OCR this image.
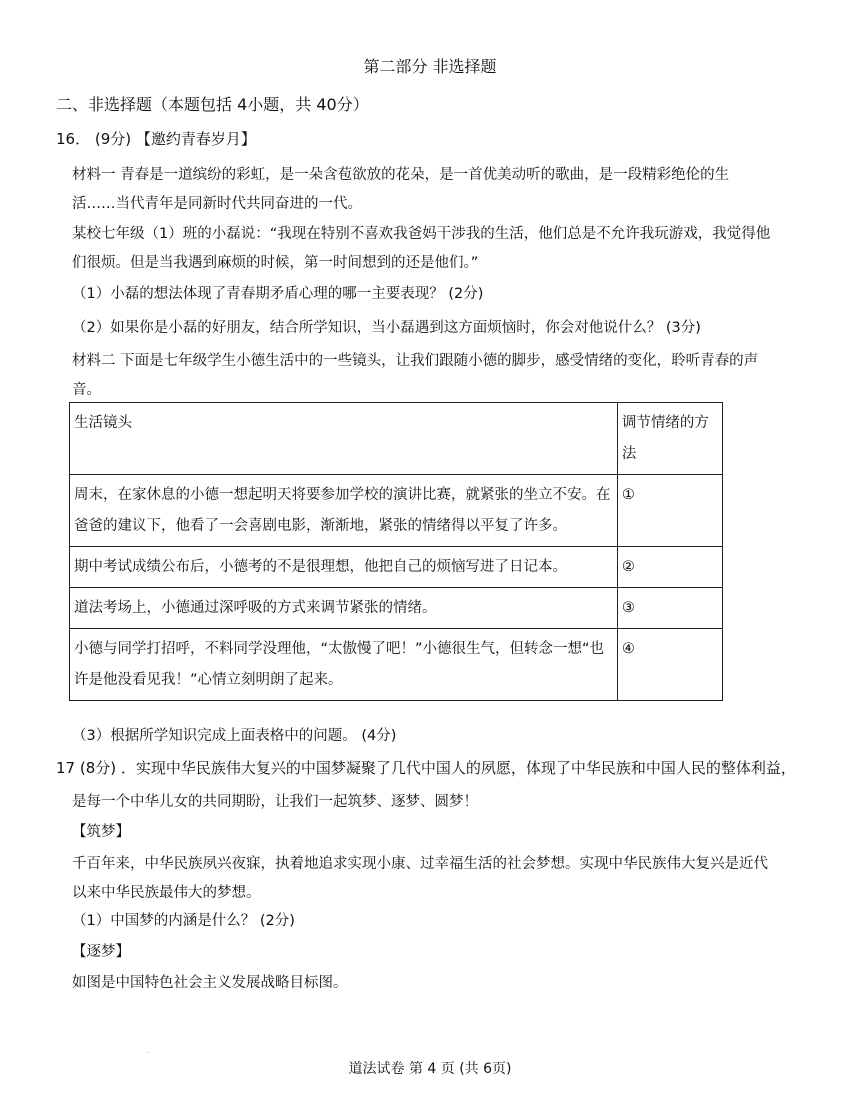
第二部分 非选择题
二、非选择题（本题包括 4小题，共 40分）
16． (9分) 【邀约青春岁月】
材料一 青春是一道缤纷的彩虹，是一朵含苞欲放的花朵，是一首优美动听的歌曲，是一段精彩绝伦的生
活……当代青年是同新时代共同奋进的一代。
某校七年级（1）班的小磊说：“我现在特别不喜欢我爸妈干涉我的生活，他们总是不允许我玩游戏，我觉得他
们很烦。但是当我遇到麻烦的时候，第一时间想到的还是他们。”
（1）小磊的想法体现了青春期矛盾心理的哪一主要表现？ (2分)
（2）如果你是小磊的好朋友，结合所学知识，当小磊遇到这方面烦恼时，你会对他说什么？ (3分)
材料二 下面是七年级学生小德生活中的一些镜头，让我们跟随小德的脚步，感受情绪的变化，聆听青春的声
音。
生活镜头	调节情绪的方法
周末，在家休息的小德一想起明天将要参加学校的演讲比赛，就紧张的坐立不安。在爸爸的建议下，他看了一会喜剧电影，渐渐地，紧张的情绪得以平复了许多。	①
期中考试成绩公布后，小德考的不是很理想，他把自己的烦恼写进了日记本。	②
道法考场上，小德通过深呼吸的方式来调节紧张的情绪。	③
小德与同学打招呼，不料同学没理他，“太傲慢了吧！”小德很生气，但转念一想“也许是他没看见我！”心情立刻明朗了起来。	④
（3）根据所学知识完成上面表格中的问题。 (4分)
17 (8分) ．实现中华民族伟大复兴的中国梦凝聚了几代中国人的夙愿，体现了中华民族和中国人民的整体利益，
是每一个中华儿女的共同期盼，让我们一起筑梦、逐梦、圆梦！
【筑梦】
千百年来，中华民族夙兴夜寐，执着地追求实现小康、过幸福生活的社会梦想。实现中华民族伟大复兴是近代
以来中华民族最伟大的梦想。
（1）中国梦的内涵是什么？ (2分)
【逐梦】
如图是中国特色社会主义发展战略目标图。
.
道法试卷 第 4 页 (共 6页)
